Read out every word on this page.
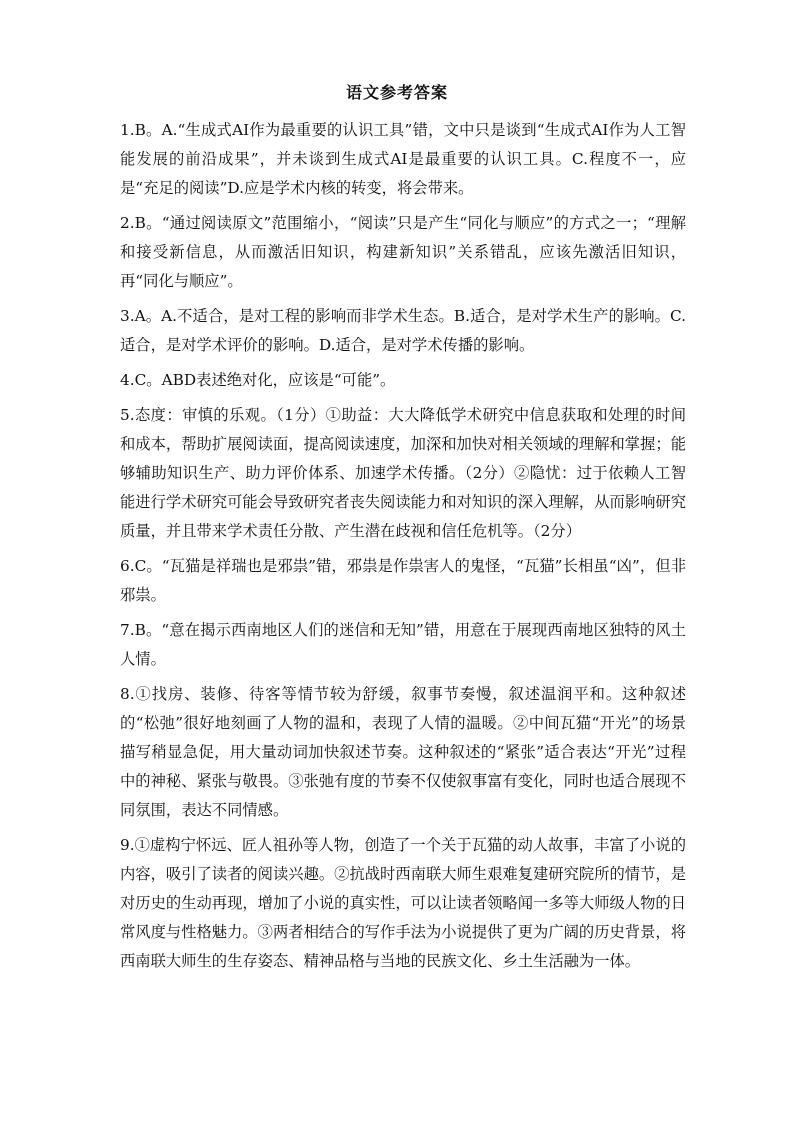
语文参考答案

1.B。A.“生成式AI作为最重要的认识工具”错，文中只是谈到“生成式AI作为人工智能发展的前沿成果”，并未谈到生成式AI是最重要的认识工具。C.程度不一，应是“充足的阅读”D.应是学术内核的转变，将会带来。

2.B。“通过阅读原文”范围缩小，“阅读”只是产生“同化与顺应”的方式之一；“理解和接受新信息，从而激活旧知识，构建新知识”关系错乱，应该先激活旧知识，再“同化与顺应”。

3.A。A.不适合，是对工程的影响而非学术生态。B.适合，是对学术生产的影响。C.适合，是对学术评价的影响。D.适合，是对学术传播的影响。

4.C。ABD表述绝对化，应该是“可能”。

5.态度：审慎的乐观。（1分）①助益：大大降低学术研究中信息获取和处理的时间和成本，帮助扩展阅读面，提高阅读速度，加深和加快对相关领域的理解和掌握；能够辅助知识生产、助力评价体系、加速学术传播。（2分）②隐忧：过于依赖人工智能进行学术研究可能会导致研究者丧失阅读能力和对知识的深入理解，从而影响研究质量，并且带来学术责任分散、产生潜在歧视和信任危机等。（2分）

6.C。“瓦猫是祥瑞也是邪祟”错，邪祟是作祟害人的鬼怪，“瓦猫”长相虽“凶”，但非邪祟。

7.B。“意在揭示西南地区人们的迷信和无知”错，用意在于展现西南地区独特的风土人情。

8.①找房、装修、待客等情节较为舒缓，叙事节奏慢，叙述温润平和。这种叙述的“松弛”很好地刻画了人物的温和，表现了人情的温暖。②中间瓦猫“开光”的场景描写稍显急促，用大量动词加快叙述节奏。这种叙述的“紧张”适合表达“开光”过程中的神秘、紧张与敬畏。③张弛有度的节奏不仅使叙事富有变化，同时也适合展现不同氛围，表达不同情感。

9.①虚构宁怀远、匠人祖孙等人物，创造了一个关于瓦猫的动人故事，丰富了小说的内容，吸引了读者的阅读兴趣。②抗战时西南联大师生艰难复建研究院所的情节，是对历史的生动再现，增加了小说的真实性，可以让读者领略闻一多等大师级人物的日常风度与性格魅力。③两者相结合的写作手法为小说提供了更为广阔的历史背景，将西南联大师生的生存姿态、精神品格与当地的民族文化、乡土生活融为一体。
